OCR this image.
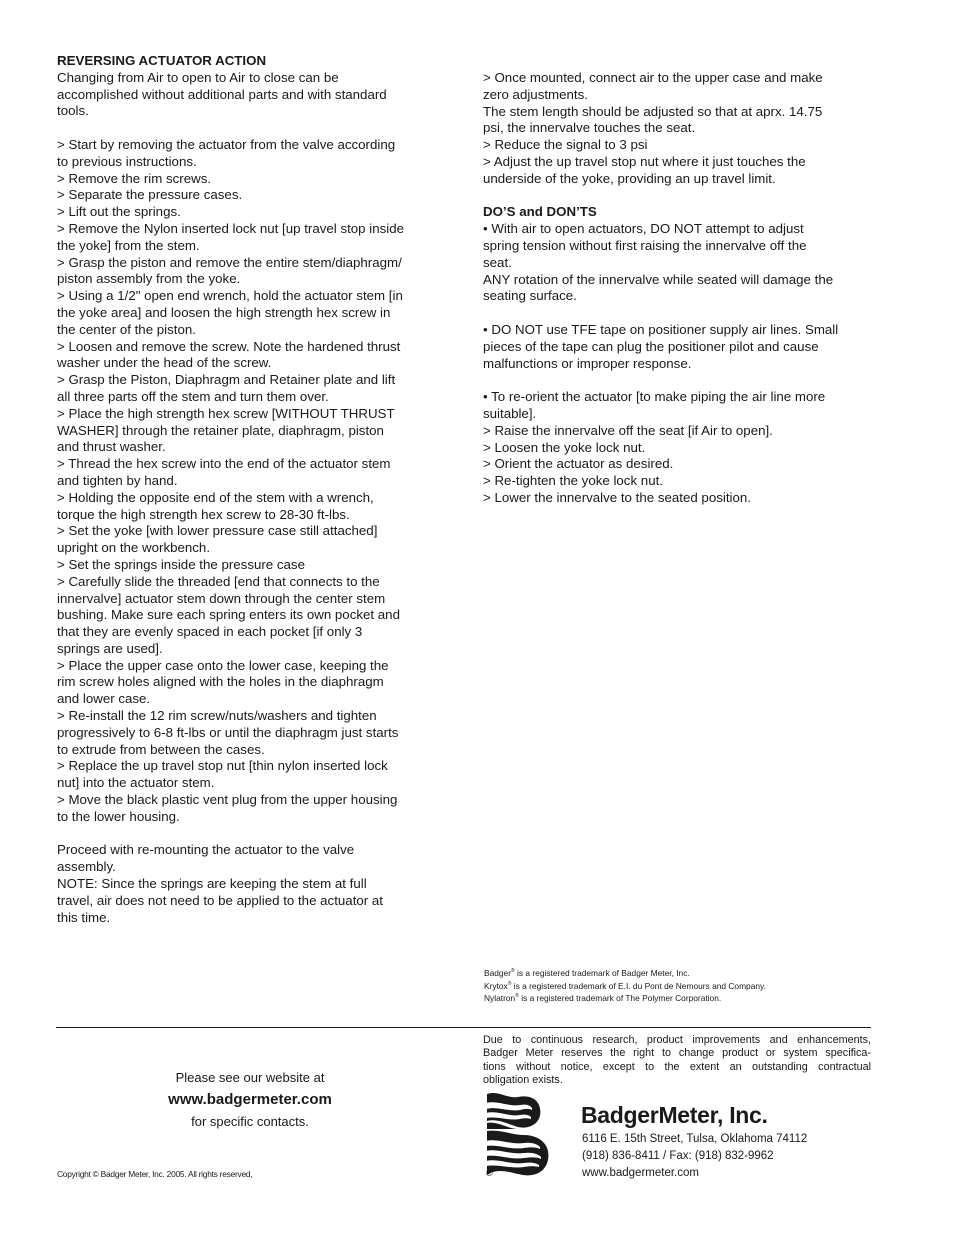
REVERSING ACTUATOR ACTION
Changing from Air to open to Air to close can be
accomplished without additional parts and with standard
tools.
> Start by removing the actuator from the valve according
to previous instructions.
> Remove the rim screws.
> Separate the pressure cases.
> Lift out the springs.
> Remove the Nylon inserted lock nut [up travel stop inside
the yoke] from the stem.
> Grasp the piston and remove the entire stem/diaphragm/
piston assembly from the yoke.
> Using a 1/2" open end wrench, hold the actuator stem [in
the yoke area] and loosen the high strength hex screw in
the center of the piston.
> Loosen and remove the screw. Note the hardened thrust
washer under the head of the screw.
> Grasp the Piston, Diaphragm and Retainer plate and lift
all three parts off the stem and turn them over.
> Place the high strength hex screw [WITHOUT THRUST
WASHER] through the retainer plate, diaphragm, piston
and thrust washer.
> Thread the hex screw into the end of the actuator stem
and tighten by hand.
> Holding the opposite end of the stem with a wrench,
torque the high strength hex screw to 28-30 ft-lbs.
> Set the yoke [with lower pressure case still attached]
upright on the workbench.
> Set the springs inside the pressure case
> Carefully slide the threaded [end that connects to the
innervalve] actuator stem down through the center stem
bushing. Make sure each spring enters its own pocket and
that they are evenly spaced in each pocket [if only 3
springs are used].
> Place the upper case onto the lower case, keeping the
rim screw holes aligned with the holes in the diaphragm
and lower case.
> Re-install the 12 rim screw/nuts/washers and tighten
progressively to 6-8 ft-lbs or until the diaphragm just starts
to extrude from between the cases.
> Replace the up travel stop nut [thin nylon inserted lock
nut] into the actuator stem.
> Move the black plastic vent plug from the upper housing
to the lower housing.
Proceed with re-mounting the actuator to the valve
assembly.
NOTE: Since the springs are keeping the stem at full
travel, air does not need to be applied to the actuator at
this time.
> Once mounted, connect air to the upper case and make
zero adjustments.
The stem length should be adjusted so that at aprx. 14.75
psi, the innervalve touches the seat.
> Reduce the signal to 3 psi
> Adjust the up travel stop nut where it just touches the
underside of the yoke, providing an up travel limit.
DO’S and DON’TS
• With air to open actuators, DO NOT attempt to adjust
spring tension without first raising the innervalve off the
seat.
ANY rotation of the innervalve while seated will damage the
seating surface.
• DO NOT use TFE tape on positioner supply air lines. Small
pieces of the tape can plug the positioner pilot and cause
malfunctions or improper response.
• To re-orient the actuator [to make piping the air line more
suitable].
> Raise the innervalve off the seat [if Air to open].
> Loosen the yoke lock nut.
> Orient the actuator as desired.
> Re-tighten the yoke lock nut.
> Lower the innervalve to the seated position.
Badger® is a registered trademark of Badger Meter, Inc.
Krytox® is a registered trademark of E.I. du Pont de Nemours and Company.
Nylatron® is a registered trademark of The Polymer Corporation.
Due to continuous research, product improvements and enhancements,
Badger Meter reserves the right to change product or system specifica-
tions without notice, except to the extent an outstanding contractual
obligation exists.
Please see our website at
www.badgermeter.com
for specific contacts.
Copyright © Badger Meter, Inc. 2005. All rights reserved,	®
BadgerMeter, Inc.
6116 E. 15th Street, Tulsa, Oklahoma 74112
(918) 836-8411 / Fax: (918) 832-9962
www.badgermeter.com
